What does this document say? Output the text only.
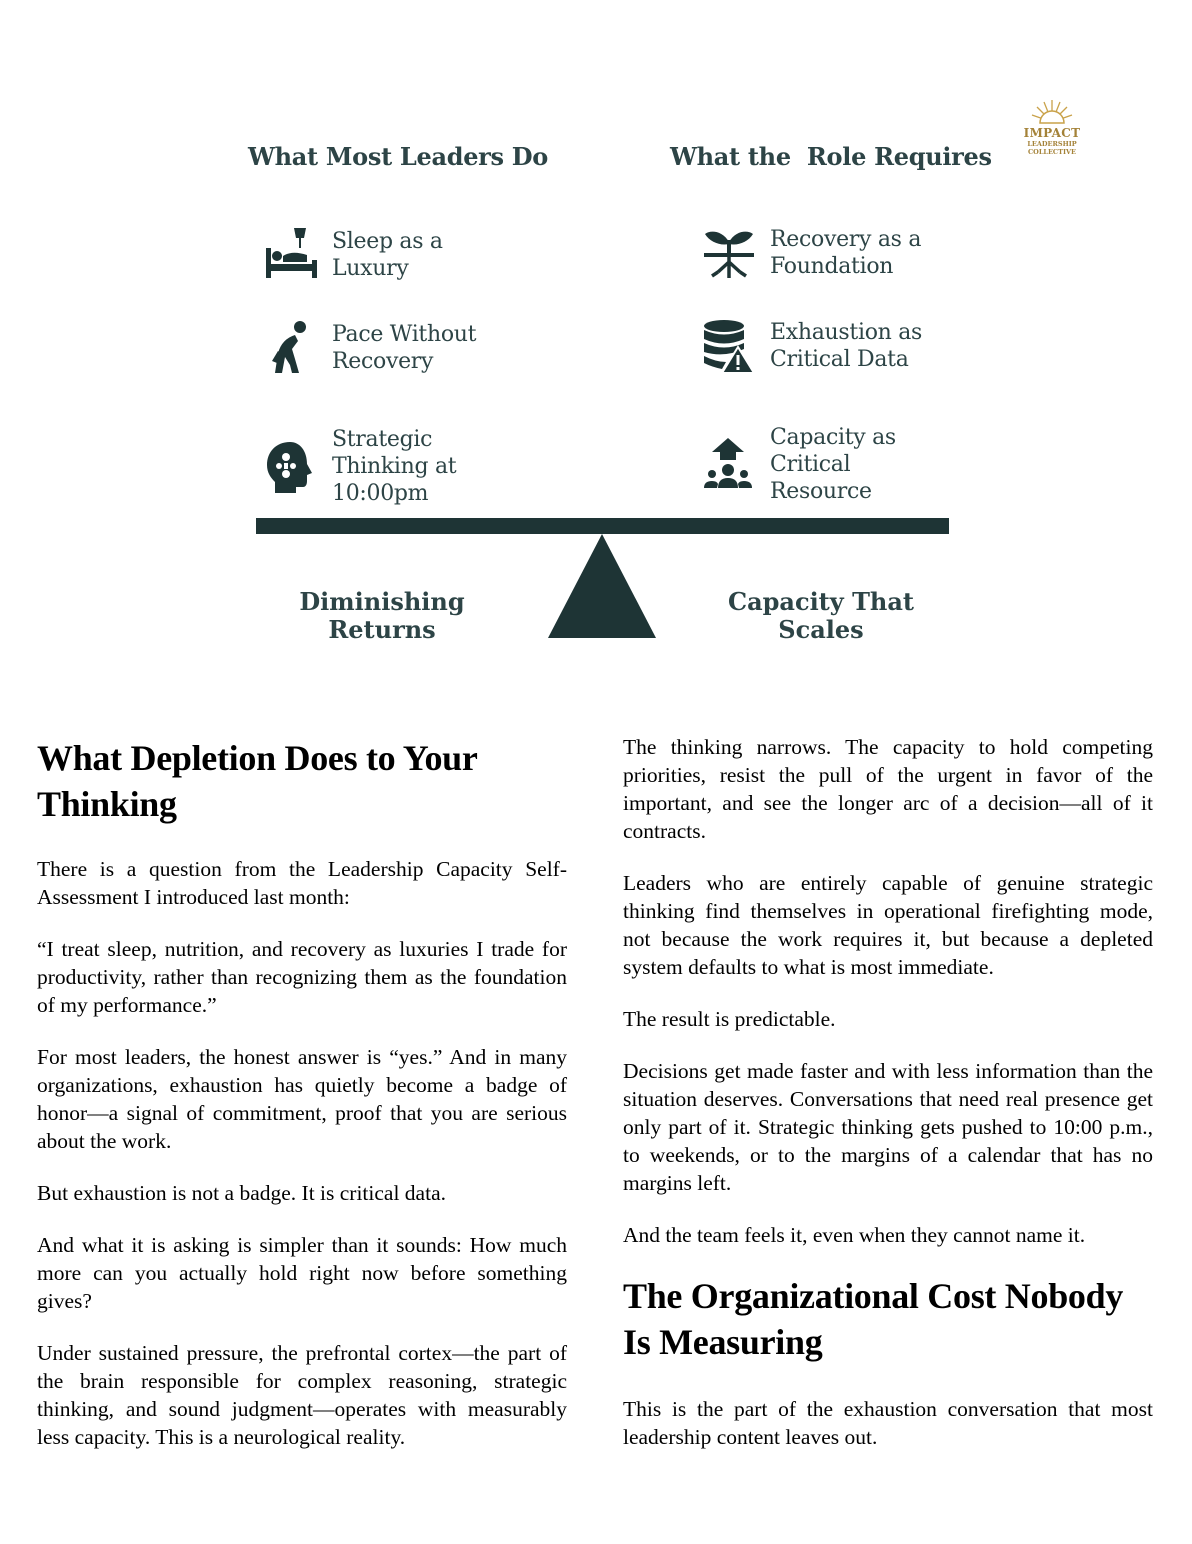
What Most Leaders Do	What the  Role Requires
IMPACT
LEADERSHIP
COLLECTIVE
Sleep as a
Luxury
Pace Without
Recovery
Strategic
Thinking at
10:00pm
Recovery as a
Foundation
Exhaustion as
Critical Data
Capacity as
Critical
Resource
Diminishing
Returns
Capacity That
Scales
What Depletion Does to Your Thinking

There is a question from the Leadership Capacity Self-Assessment I introduced last month:

“I treat sleep, nutrition, and recovery as luxuries I trade for productivity, rather than recognizing them as the foundation of my performance.”

For most leaders, the honest answer is “yes.” And in many organizations, exhaustion has quietly become a badge of honor—a signal of commitment, proof that you are serious about the work.

But exhaustion is not a badge. It is critical data.

And what it is asking is simpler than it sounds: How much more can you actually hold right now before something gives?

Under sustained pressure, the prefrontal cortex—the part of the brain responsible for complex reasoning, strategic thinking, and sound judgment—operates with measurably less capacity. This is a neurological reality.

The thinking narrows. The capacity to hold competing priorities, resist the pull of the urgent in favor of the important, and see the longer arc of a decision—all of it contracts.

Leaders who are entirely capable of genuine strategic thinking find themselves in operational firefighting mode, not because the work requires it, but because a depleted system defaults to what is most immediate.

The result is predictable.

Decisions get made faster and with less information than the situation deserves. Conversations that need real presence get only part of it. Strategic thinking gets pushed to 10:00 p.m., to weekends, or to the margins of a calendar that has no margins left.

And the team feels it, even when they cannot name it.

The Organizational Cost Nobody Is Measuring

This is the part of the exhaustion conversation that most leadership content leaves out.
